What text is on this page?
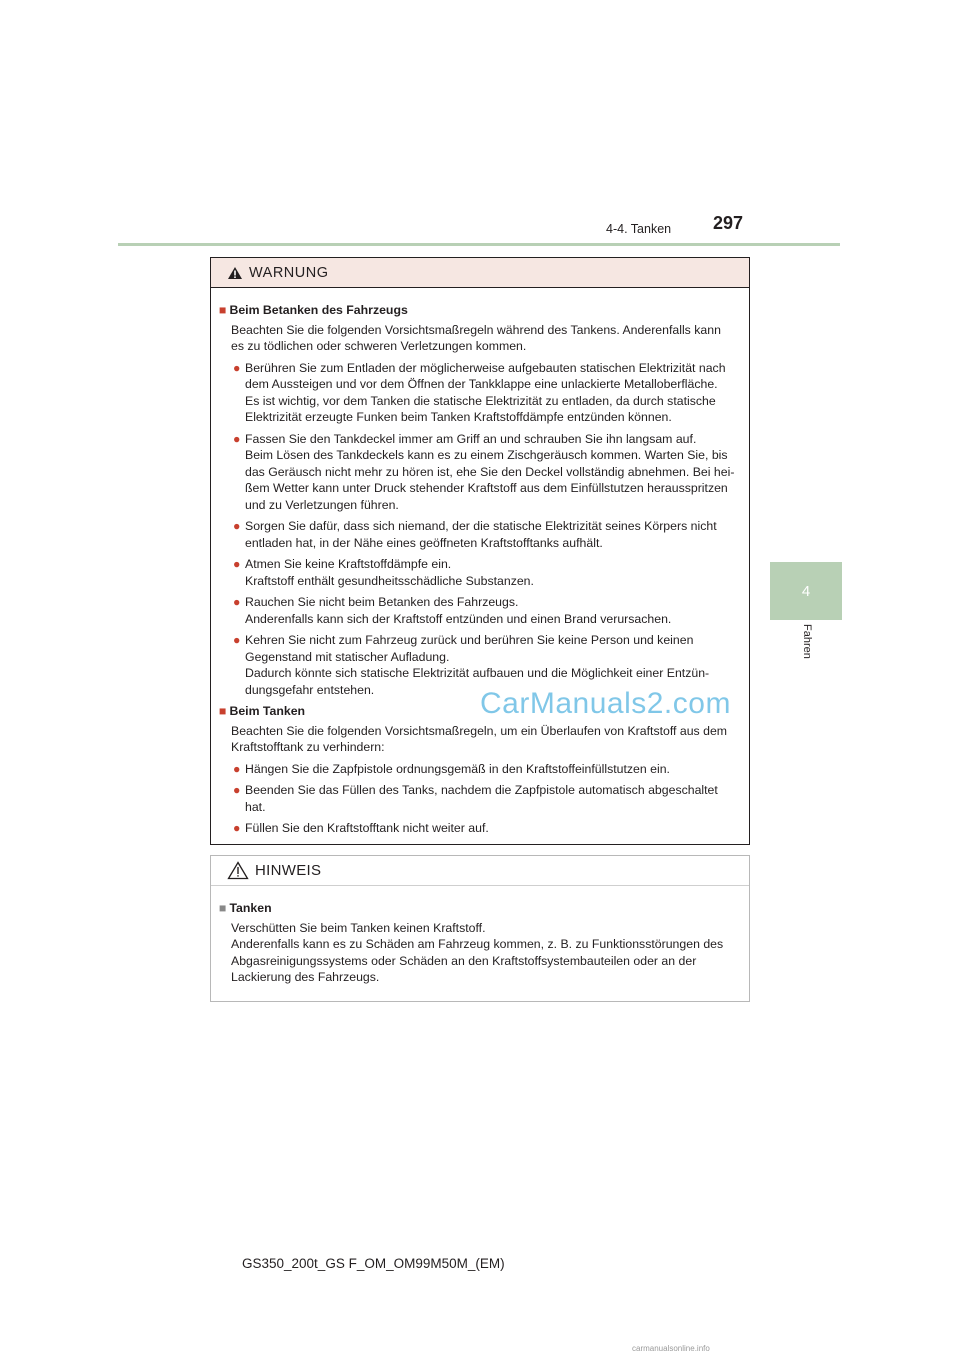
4-4. Tanken 297
4
Fahren
WARNUNG
■ Beim Betanken des Fahrzeugs
Beachten Sie die folgenden Vorsichtsmaßregeln während des Tankens. Anderenfalls kann
es zu tödlichen oder schweren Verletzungen kommen.
● Berühren Sie zum Entladen der möglicherweise aufgebauten statischen Elektrizität nach
dem Aussteigen und vor dem Öffnen der Tankklappe eine unlackierte Metalloberfläche.
Es ist wichtig, vor dem Tanken die statische Elektrizität zu entladen, da durch statische
Elektrizität erzeugte Funken beim Tanken Kraftstoffdämpfe entzünden können.
● Fassen Sie den Tankdeckel immer am Griff an und schrauben Sie ihn langsam auf.
Beim Lösen des Tankdeckels kann es zu einem Zischgeräusch kommen. Warten Sie, bis
das Geräusch nicht mehr zu hören ist, ehe Sie den Deckel vollständig abnehmen. Bei hei-
ßem Wetter kann unter Druck stehender Kraftstoff aus dem Einfüllstutzen herausspritzen
und zu Verletzungen führen.
● Sorgen Sie dafür, dass sich niemand, der die statische Elektrizität seines Körpers nicht
entladen hat, in der Nähe eines geöffneten Kraftstofftanks aufhält.
● Atmen Sie keine Kraftstoffdämpfe ein.
Kraftstoff enthält gesundheitsschädliche Substanzen.
● Rauchen Sie nicht beim Betanken des Fahrzeugs.
Anderenfalls kann sich der Kraftstoff entzünden und einen Brand verursachen.
● Kehren Sie nicht zum Fahrzeug zurück und berühren Sie keine Person und keinen
Gegenstand mit statischer Aufladung.
Dadurch könnte sich statische Elektrizität aufbauen und die Möglichkeit einer Entzün-
dungsgefahr entstehen.
■ Beim Tanken
Beachten Sie die folgenden Vorsichtsmaßregeln, um ein Überlaufen von Kraftstoff aus dem
Kraftstofftank zu verhindern:
● Hängen Sie die Zapfpistole ordnungsgemäß in den Kraftstoffeinfüllstutzen ein.
● Beenden Sie das Füllen des Tanks, nachdem die Zapfpistole automatisch abgeschaltet
hat.
● Füllen Sie den Kraftstofftank nicht weiter auf.
CarManuals2.com
HINWEIS
■ Tanken
Verschütten Sie beim Tanken keinen Kraftstoff.
Anderenfalls kann es zu Schäden am Fahrzeug kommen, z. B. zu Funktionsstörungen des
Abgasreinigungssystems oder Schäden an den Kraftstoffsystembauteilen oder an der
Lackierung des Fahrzeugs.
GS350_200t_GS F_OM_OM99M50M_(EM)
carmanualsonline.info
